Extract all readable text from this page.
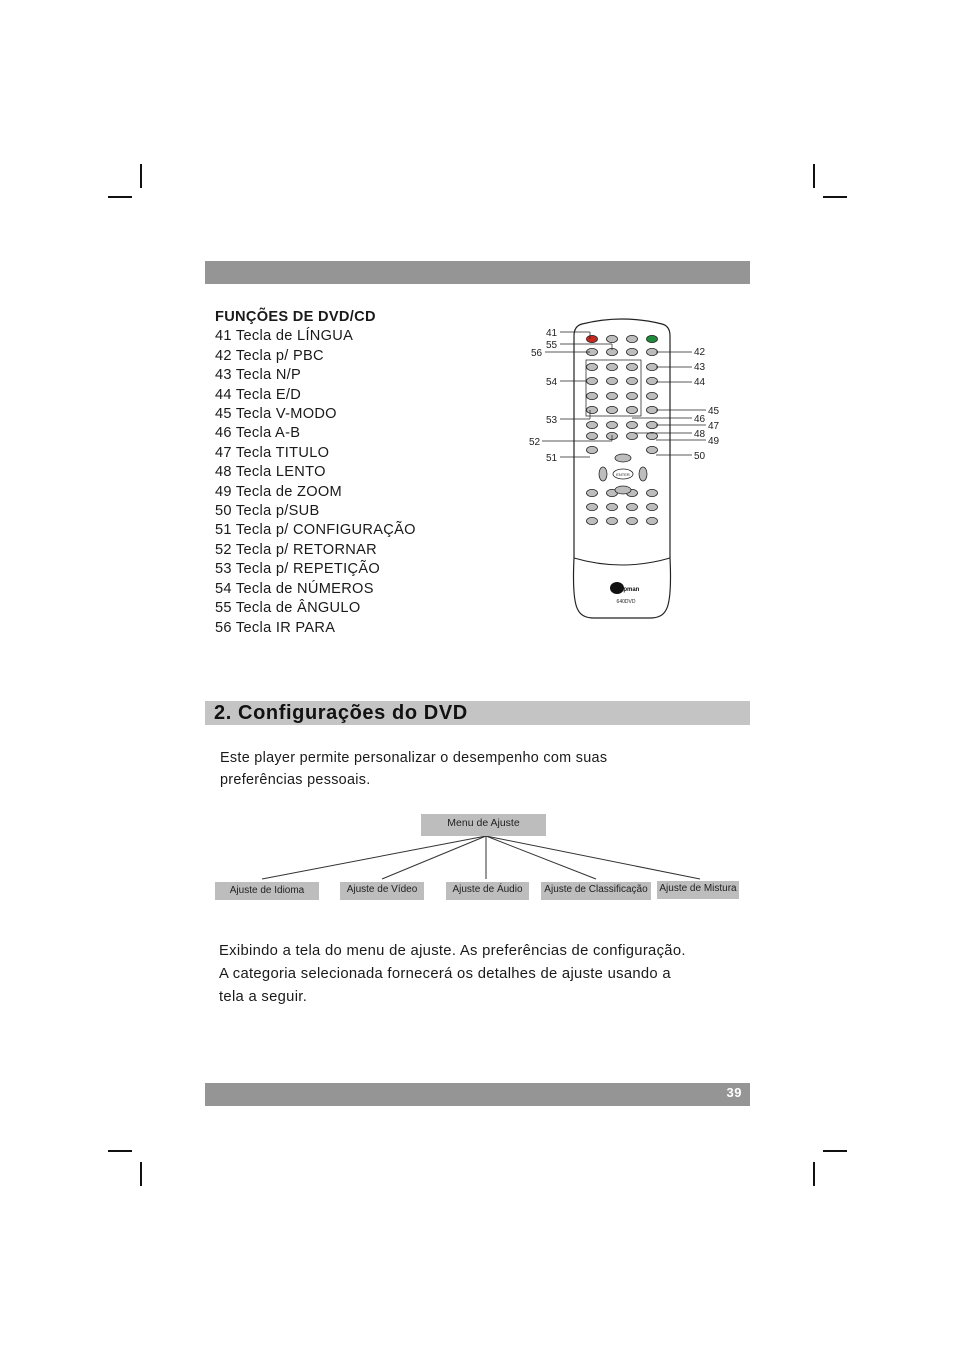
FUNÇÕES DE DVD/CD
41 Tecla de LÍNGUA
42 Tecla p/ PBC
43 Tecla N/P
44 Tecla E/D
45 Tecla V-MODO
46 Tecla A-B
47 Tecla TITULO
48 Tecla LENTO
49 Tecla de ZOOM
50 Tecla p/SUB
51 Tecla p/ CONFIGURAÇÃO
52 Tecla p/ RETORNAR
53 Tecla p/ REPETIÇÃO
54 Tecla de NÚMEROS
55 Tecla de ÂNGULO
56 Tecla IR PARA
ENTER
mpman
640DVD
41
55
56
54
53
52
51
42
43
44
45
46
47
48
49
50
2. Configurações do DVD
Este player permite personalizar o desempenho com suas
preferências pessoais.
Menu de Ajuste
Ajuste de Idioma	Ajuste de Vídeo	Ajuste de Áudio	Ajuste de Classificação	Ajuste de Mistura
Exibindo a tela do menu de ajuste. As preferências de configuração.
A categoria selecionada fornecerá os detalhes de ajuste usando a
tela a seguir.
39
